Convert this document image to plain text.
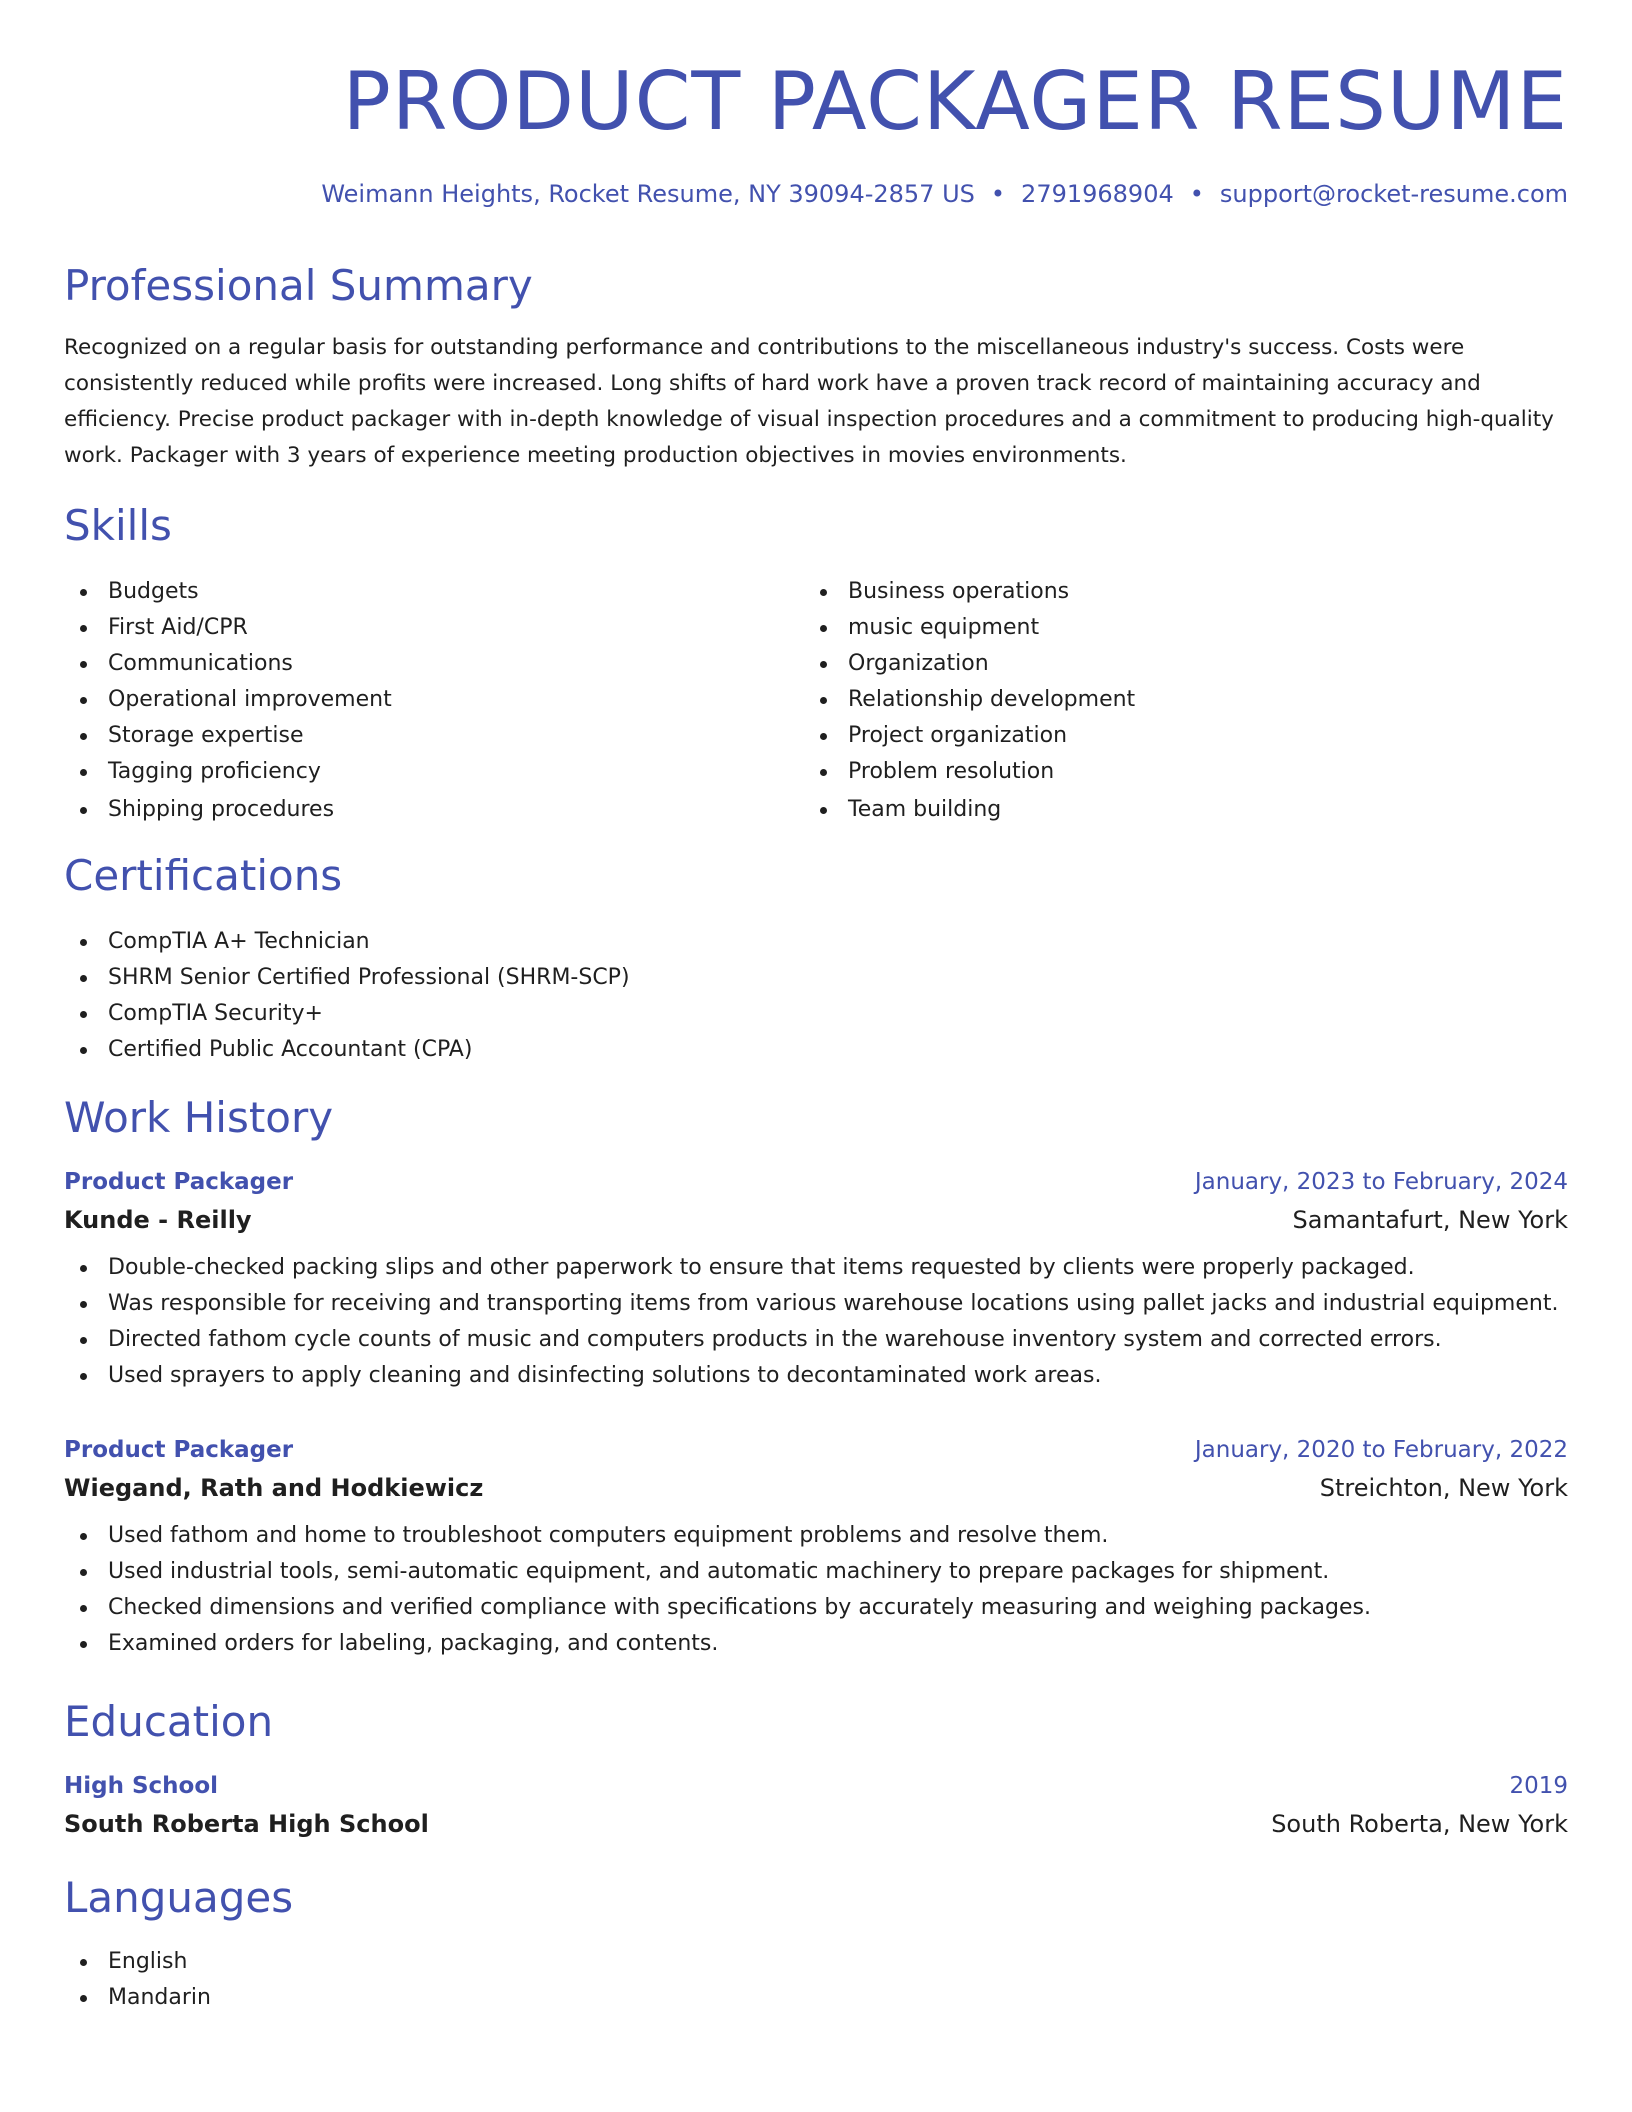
PRODUCT PACKAGER RESUME
Weimann Heights, Rocket Resume, NY 39094-2857 US • 2791968904 • support@rocket-resume.com
Professional Summary

Recognized on a regular basis for outstanding performance and contributions to the miscellaneous industry's success. Costs were consistently reduced while profits were increased. Long shifts of hard work have a proven track record of maintaining accuracy and efficiency. Precise product packager with in-depth knowledge of visual inspection procedures and a commitment to producing high-quality work. Packager with 3 years of experience meeting production objectives in movies environments.

Skills
Budgets
First Aid/CPR
Communications
Operational improvement
Storage expertise
Tagging proficiency
Shipping procedures
Business operations
music equipment
Organization
Relationship development
Project organization
Problem resolution
Team building
Certifications
CompTIA A+ Technician
SHRM Senior Certified Professional (SHRM-SCP)
CompTIA Security+
Certified Public Accountant (CPA)
Work History
Product Packager	January, 2023 to February, 2024
Kunde - Reilly	Samantafurt, New York
Double-checked packing slips and other paperwork to ensure that items requested by clients were properly packaged.
Was responsible for receiving and transporting items from various warehouse locations using pallet jacks and industrial equipment.
Directed fathom cycle counts of music and computers products in the warehouse inventory system and corrected errors.
Used sprayers to apply cleaning and disinfecting solutions to decontaminated work areas.
Product Packager	January, 2020 to February, 2022
Wiegand, Rath and Hodkiewicz	Streichton, New York
Used fathom and home to troubleshoot computers equipment problems and resolve them.
Used industrial tools, semi-automatic equipment, and automatic machinery to prepare packages for shipment.
Checked dimensions and verified compliance with specifications by accurately measuring and weighing packages.
Examined orders for labeling, packaging, and contents.
Education
High School	2019
South Roberta High School	South Roberta, New York
Languages
English
Mandarin
